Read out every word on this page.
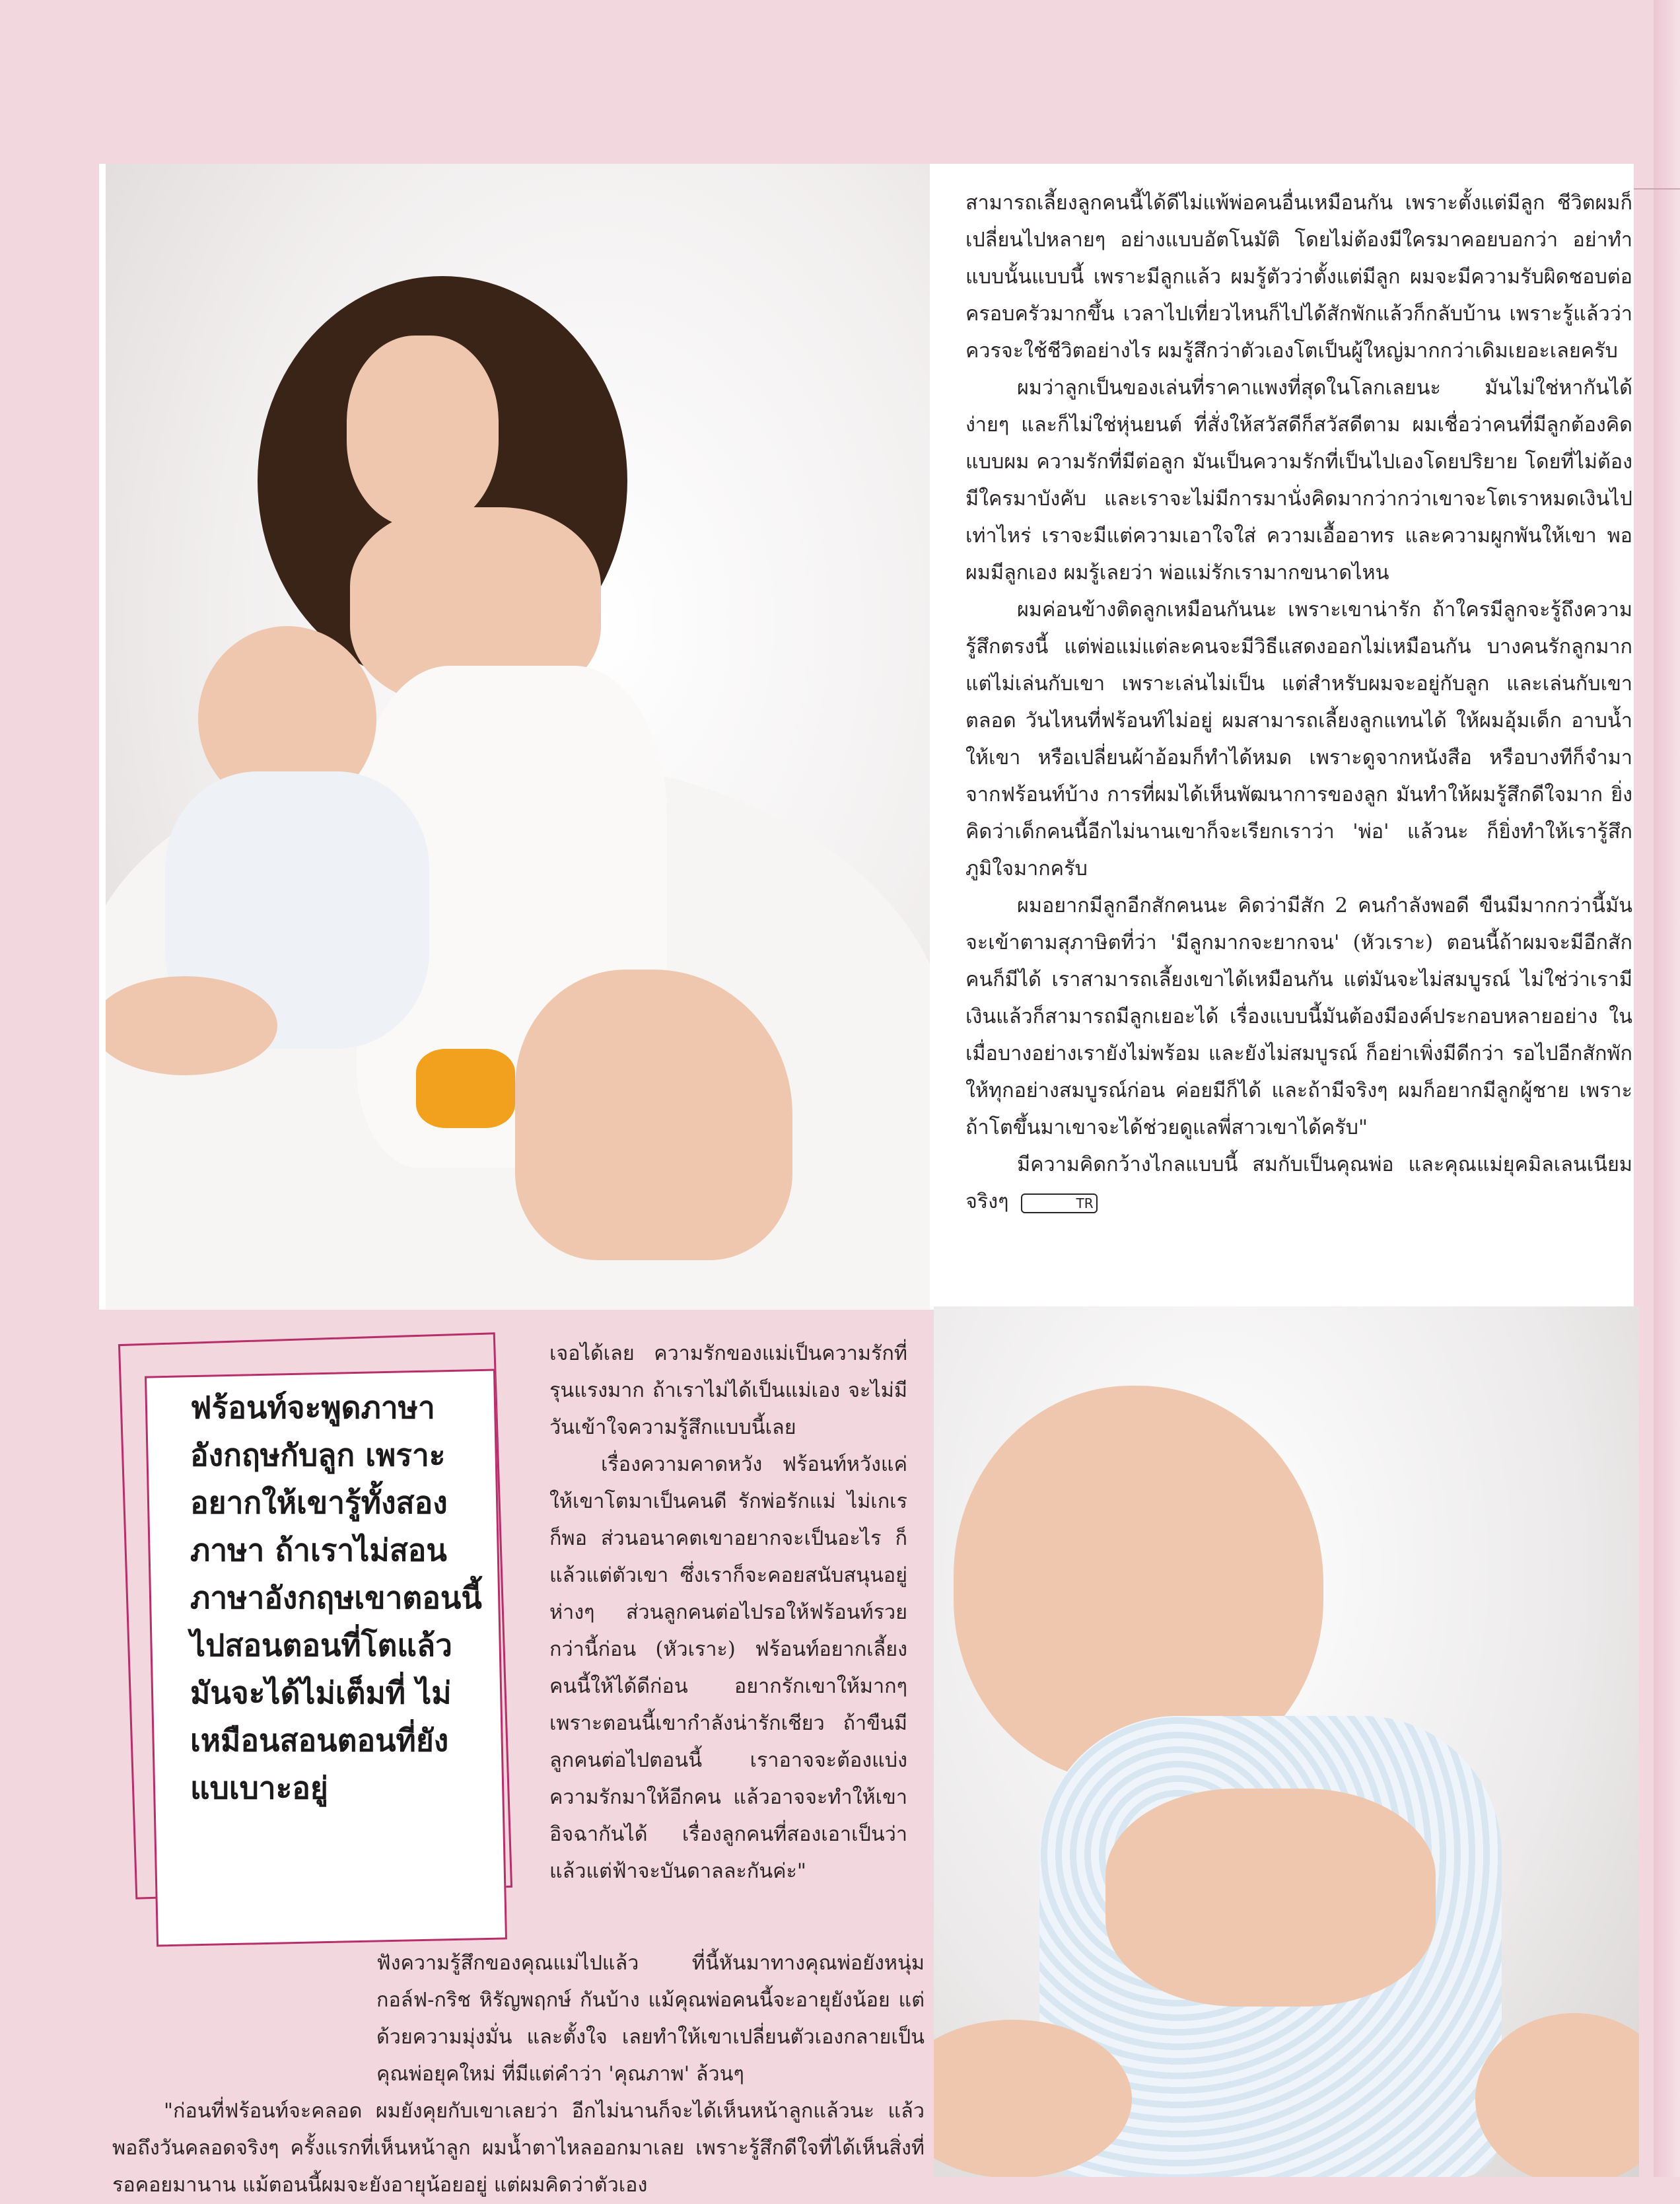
สามารถเลี้ยงลูกคนนี้ได้ดีไม่แพ้พ่อคนอื่นเหมือนกัน เพราะตั้งแต่มีลูก ชีวิตผมก็เปลี่ยนไปหลายๆ อย่างแบบอัตโนมัติ โดยไม่ต้องมีใครมาคอยบอกว่า อย่าทำแบบนั้นแบบนี้ เพราะมีลูกแล้ว ผมรู้ตัวว่าตั้งแต่มีลูก ผมจะมีความรับผิดชอบต่อครอบครัวมากขึ้น เวลาไปเที่ยวไหนก็ไปได้สักพักแล้วก็กลับบ้าน เพราะรู้แล้วว่าควรจะใช้ชีวิตอย่างไร ผมรู้สึกว่าตัวเองโตเป็นผู้ใหญ่มากกว่าเดิมเยอะเลยครับ

ผมว่าลูกเป็นของเล่นที่ราคาแพงที่สุดในโลกเลยนะ มันไม่ใช่หากันได้ง่ายๆ และก็ไม่ใช่หุ่นยนต์ ที่สั่งให้สวัสดีก็สวัสดีตาม ผมเชื่อว่าคนที่มีลูกต้องคิดแบบผม ความรักที่มีต่อลูก มันเป็นความรักที่เป็นไปเองโดยปริยาย โดยที่ไม่ต้องมีใครมาบังคับ และเราจะไม่มีการมานั่งคิดมากว่ากว่าเขาจะโตเราหมดเงินไปเท่าไหร่ เราจะมีแต่ความเอาใจใส่ ความเอื้ออาทร และความผูกพันให้เขา พอผมมีลูกเอง ผมรู้เลยว่า พ่อแม่รักเรามากขนาดไหน

ผมค่อนข้างติดลูกเหมือนกันนะ เพราะเขาน่ารัก ถ้าใครมีลูกจะรู้ถึงความรู้สึกตรงนี้ แต่พ่อแม่แต่ละคนจะมีวิธีแสดงออกไม่เหมือนกัน บางคนรักลูกมากแต่ไม่เล่นกับเขา เพราะเล่นไม่เป็น แต่สำหรับผมจะอยู่กับลูก และเล่นกับเขาตลอด วันไหนที่ฟร้อนท์ไม่อยู่ ผมสามารถเลี้ยงลูกแทนได้ ให้ผมอุ้มเด็ก อาบน้ำให้เขา หรือเปลี่ยนผ้าอ้อมก็ทำได้หมด เพราะดูจากหนังสือ หรือบางทีก็จำมาจากฟร้อนท์บ้าง การที่ผมได้เห็นพัฒนาการของลูก มันทำให้ผมรู้สึกดีใจมาก ยิ่งคิดว่าเด็กคนนี้อีกไม่นานเขาก็จะเรียกเราว่า 'พ่อ' แล้วนะ ก็ยิ่งทำให้เรารู้สึกภูมิใจมากครับ

ผมอยากมีลูกอีกสักคนนะ คิดว่ามีสัก 2 คนกำลังพอดี ขืนมีมากกว่านี้มันจะเข้าตามสุภาษิตที่ว่า 'มีลูกมากจะยากจน' (หัวเราะ) ตอนนี้ถ้าผมจะมีอีกสักคนก็มีได้ เราสามารถเลี้ยงเขาได้เหมือนกัน แต่มันจะไม่สมบูรณ์ ไม่ใช่ว่าเรามีเงินแล้วก็สามารถมีลูกเยอะได้ เรื่องแบบนี้มันต้องมีองค์ประกอบหลายอย่าง ในเมื่อบางอย่างเรายังไม่พร้อม และยังไม่สมบูรณ์ ก็อย่าเพิ่งมีดีกว่า รอไปอีกสักพักให้ทุกอย่างสมบูรณ์ก่อน ค่อยมีก็ได้ และถ้ามีจริงๆ ผมก็อยากมีลูกผู้ชาย เพราะถ้าโตขึ้นมาเขาจะได้ช่วยดูแลพี่สาวเขาได้ครับ"

มีความคิดกว้างไกลแบบนี้ สมกับเป็นคุณพ่อ และคุณแม่ยุคมิลเลนเนียมจริงๆ	TR

ฟร้อนท์จะพูดภาษาอังกฤษกับลูก เพราะอยากให้เขารู้ทั้งสองภาษา ถ้าเราไม่สอนภาษาอังกฤษเขาตอนนี้ ไปสอนตอนที่โตแล้ว มันจะได้ไม่เต็มที่ ไม่เหมือนสอนตอนที่ยังแบเบาะอยู่

เจอได้เลย ความรักของแม่เป็นความรักที่รุนแรงมาก ถ้าเราไม่ได้เป็นแม่เอง จะไม่มีวันเข้าใจความรู้สึกแบบนี้เลย

เรื่องความคาดหวัง ฟร้อนท์หวังแค่ให้เขาโตมาเป็นคนดี รักพ่อรักแม่ ไม่เกเรก็พอ ส่วนอนาคตเขาอยากจะเป็นอะไร ก็แล้วแต่ตัวเขา ซึ่งเราก็จะคอยสนับสนุนอยู่ห่างๆ ส่วนลูกคนต่อไปรอให้ฟร้อนท์รวยกว่านี้ก่อน (หัวเราะ) ฟร้อนท์อยากเลี้ยงคนนี้ให้ได้ดีก่อน อยากรักเขาให้มากๆ เพราะตอนนี้เขากำลังน่ารักเชียว ถ้าขืนมีลูกคนต่อไปตอนนี้ เราอาจจะต้องแบ่งความรักมาให้อีกคน แล้วอาจจะทำให้เขาอิจฉากันได้ เรื่องลูกคนที่สองเอาเป็นว่าแล้วแต่ฟ้าจะบันดาลละกันค่ะ"

ฟังความรู้สึกของคุณแม่ไปแล้ว ที่นี้หันมาทางคุณพ่อยังหนุ่ม กอล์ฟ-กริช หิรัญพฤกษ์ กันบ้าง แม้คุณพ่อคนนี้จะอายุยังน้อย แต่ด้วยความมุ่งมั่น และตั้งใจ เลยทำให้เขาเปลี่ยนตัวเองกลายเป็นคุณพ่อยุคใหม่ ที่มีแต่คำว่า 'คุณภาพ' ล้วนๆ

"ก่อนที่ฟร้อนท์จะคลอด ผมยังคุยกับเขาเลยว่า อีกไม่นานก็จะได้เห็นหน้าลูกแล้วนะ แล้วพอถึงวันคลอดจริงๆ ครั้งแรกที่เห็นหน้าลูก ผมน้ำตาไหลออกมาเลย เพราะรู้สึกดีใจที่ได้เห็นสิ่งที่รอคอยมานาน แม้ตอนนี้ผมจะยังอายุน้อยอยู่ แต่ผมคิดว่าตัวเอง
